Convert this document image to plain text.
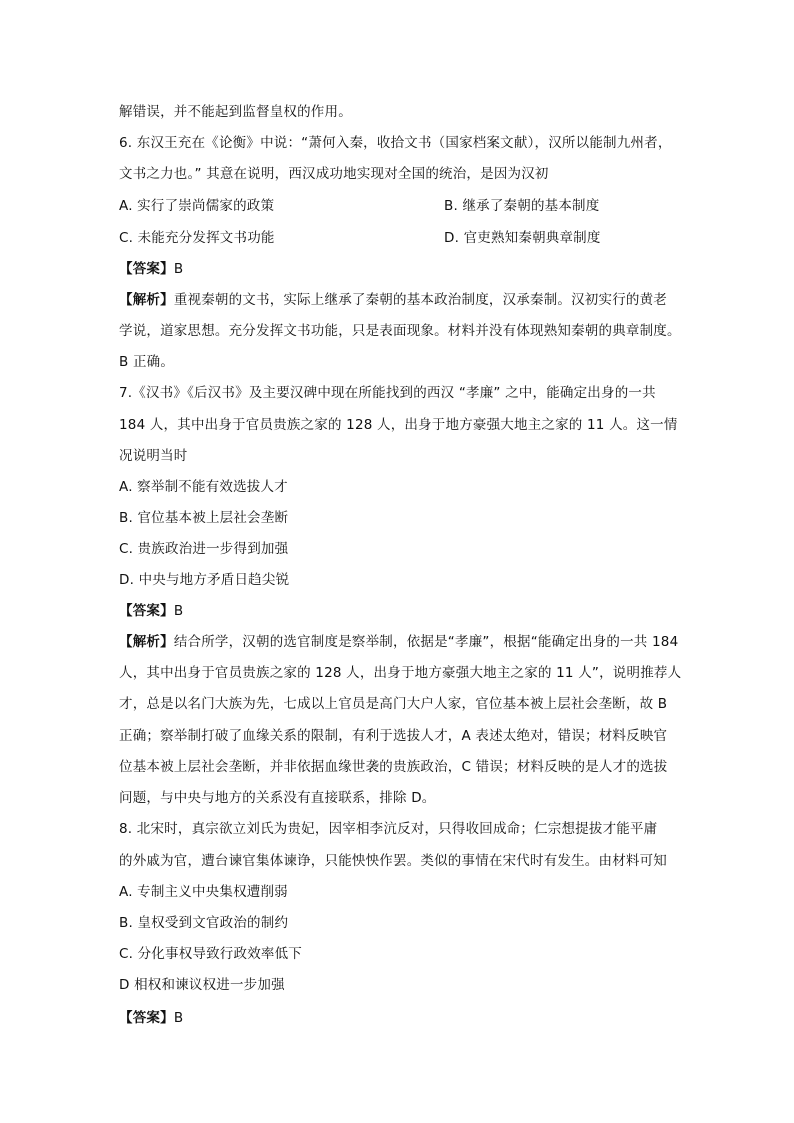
解错误，并不能起到监督皇权的作用。
6. 东汉王充在《论衡》中说：“萧何入秦，收拾文书（国家档案文献），汉所以能制九州者，
文书之力也。” 其意在说明，西汉成功地实现对全国的统治，是因为汉初
A. 实行了崇尚儒家的政策	B. 继承了秦朝的基本制度
C. 未能充分发挥文书功能	D. 官吏熟知秦朝典章制度
【答案】B
【解析】重视秦朝的文书，实际上继承了秦朝的基本政治制度，汉承秦制。汉初实行的黄老
学说，道家思想。充分发挥文书功能，只是表面现象。材料并没有体现熟知秦朝的典章制度。
B 正确。
7.《汉书》《后汉书》及主要汉碑中现在所能找到的西汉 “孝廉” 之中，能确定出身的一共
184 人，其中出身于官员贵族之家的 128 人，出身于地方豪强大地主之家的 11 人。这一情
况说明当时
A. 察举制不能有效选拔人才
B. 官位基本被上层社会垄断
C. 贵族政治进一步得到加强
D. 中央与地方矛盾日趋尖锐
【答案】B
【解析】结合所学，汉朝的选官制度是察举制，依据是“孝廉”，根据“能确定出身的一共 184
人，其中出身于官员贵族之家的 128 人，出身于地方豪强大地主之家的 11 人”，说明推荐人
才，总是以名门大族为先，七成以上官员是高门大户人家，官位基本被上层社会垄断，故 B
正确；察举制打破了血缘关系的限制，有利于选拔人才，A 表述太绝对，错误；材料反映官
位基本被上层社会垄断，并非依据血缘世袭的贵族政治，C 错误；材料反映的是人才的选拔
问题，与中央与地方的关系没有直接联系，排除 D。
8. 北宋时，真宗欲立刘氏为贵妃，因宰相李沆反对，只得收回成命；仁宗想提拔才能平庸
的外戚为官，遭台谏官集体谏诤，只能怏怏作罢。类似的事情在宋代时有发生。由材料可知
A. 专制主义中央集权遭削弱
B. 皇权受到文官政治的制约
C. 分化事权导致行政效率低下
D 相权和谏议权进一步加强
【答案】B
